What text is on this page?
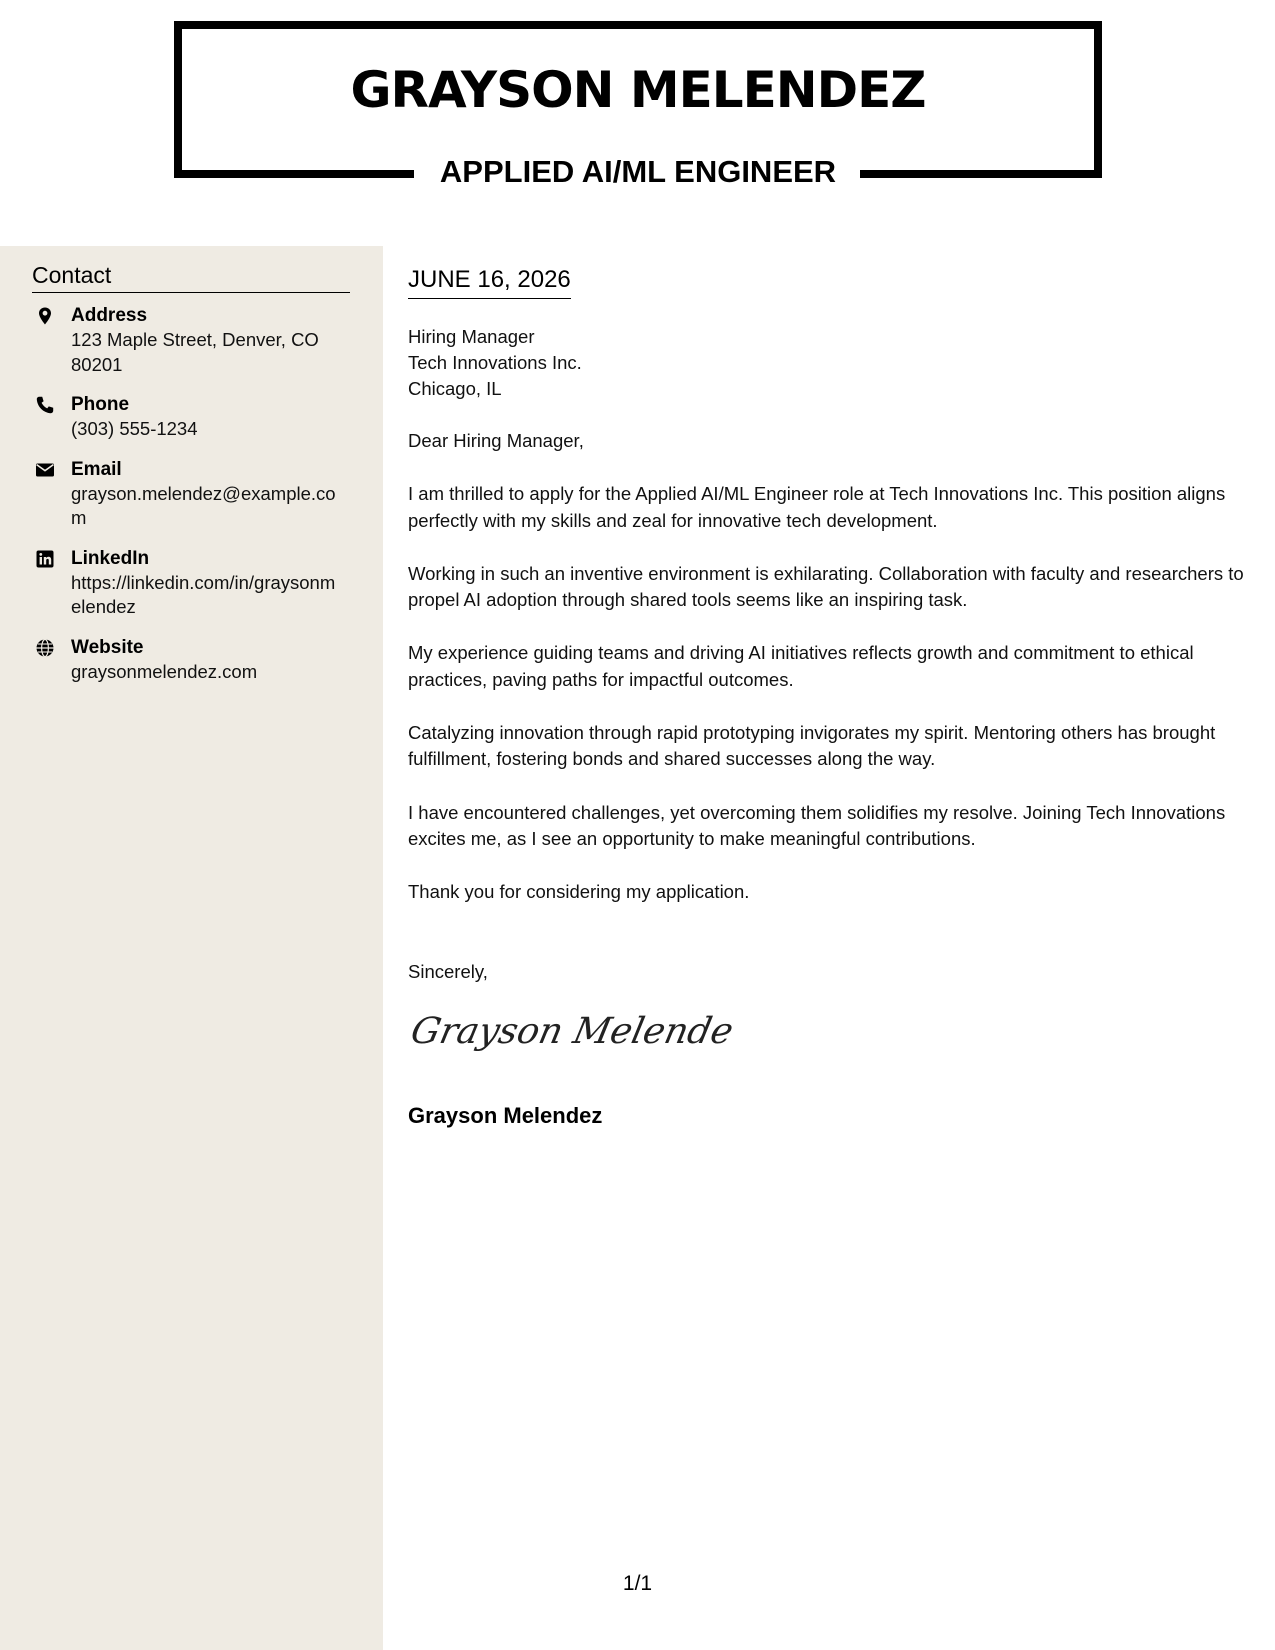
GRAYSON MELENDEZ
APPLIED AI/ML ENGINEER
Contact
Address
123 Maple Street, Denver, CO 80201
Phone
(303) 555-1234
Email
grayson.melendez@example.com
LinkedIn
https://linkedin.com/in/graysonmelendez
Website
graysonmelendez.com
JUNE 16, 2026
Hiring Manager
Tech Innovations Inc.
Chicago, IL

Dear Hiring Manager,

I am thrilled to apply for the Applied AI/ML Engineer role at Tech Innovations Inc. This position aligns perfectly with my skills and zeal for innovative tech development.

Working in such an inventive environment is exhilarating. Collaboration with faculty and researchers to propel AI adoption through shared tools seems like an inspiring task.

My experience guiding teams and driving AI initiatives reflects growth and commitment to ethical practices, paving paths for impactful outcomes.

Catalyzing innovation through rapid prototyping invigorates my spirit. Mentoring others has brought fulfillment, fostering bonds and shared successes along the way.

I have encountered challenges, yet overcoming them solidifies my resolve. Joining Tech Innovations excites me, as I see an opportunity to make meaningful contributions.

Thank you for considering my application.

Sincerely,
Grayson Melende
Grayson Melendez
1/1
